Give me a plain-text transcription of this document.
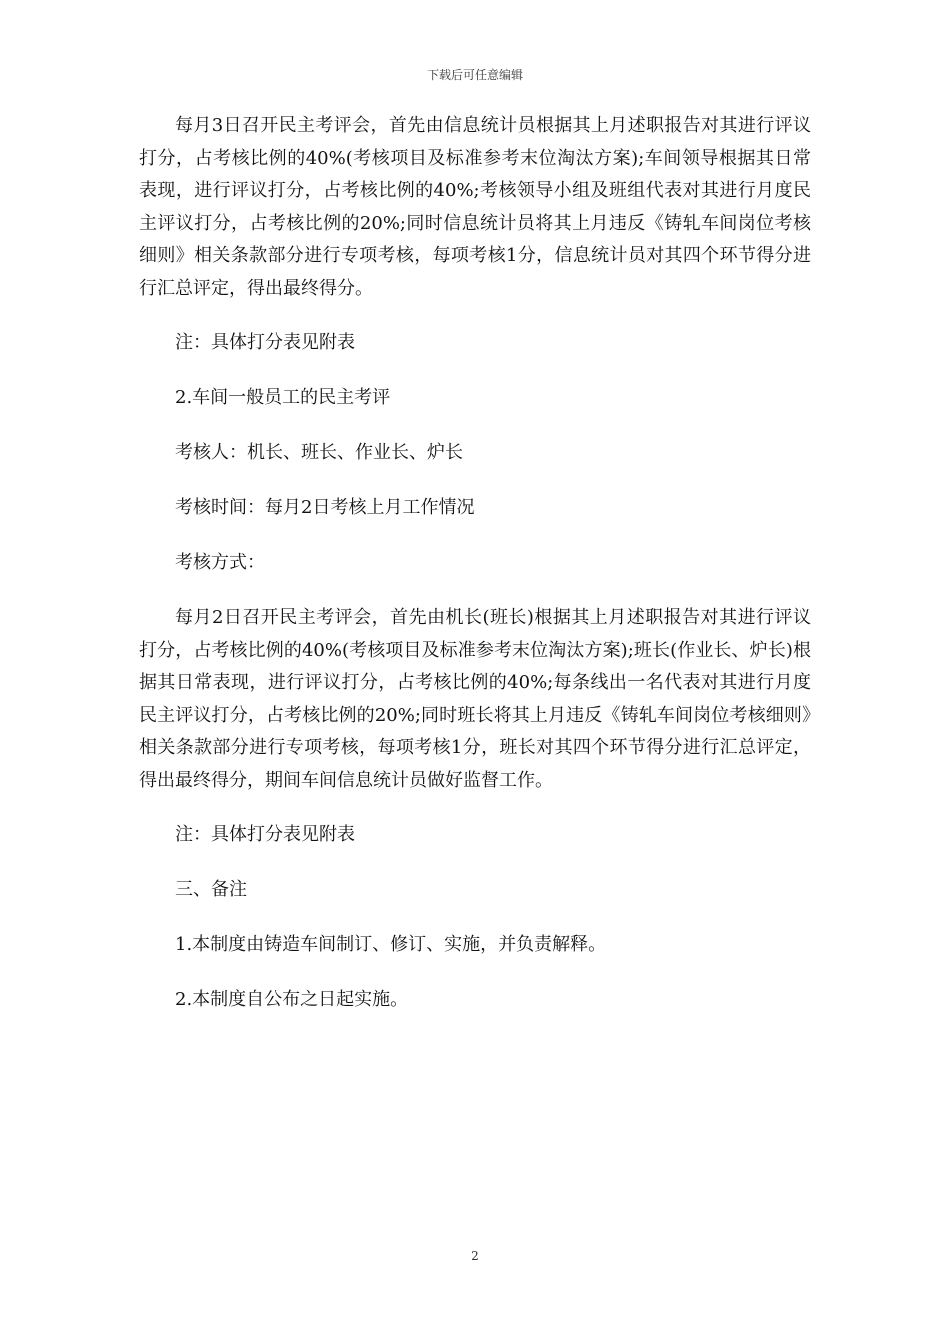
下载后可任意编辑

每月3日召开民主考评会，首先由信息统计员根据其上月述职报告对其进行评议打分，占考核比例的40%(考核项目及标准参考末位淘汰方案);车间领导根据其日常表现，进行评议打分，占考核比例的40%;考核领导小组及班组代表对其进行月度民主评议打分，占考核比例的20%;同时信息统计员将其上月违反《铸轧车间岗位考核细则》相关条款部分进行专项考核，每项考核1分，信息统计员对其四个环节得分进行汇总评定，得出最终得分。

注：具体打分表见附表

2.车间一般员工的民主考评

考核人：机长、班长、作业长、炉长

考核时间：每月2日考核上月工作情况

考核方式：

每月2日召开民主考评会，首先由机长(班长)根据其上月述职报告对其进行评议打分，占考核比例的40%(考核项目及标准参考末位淘汰方案);班长(作业长、炉长)根据其日常表现，进行评议打分，占考核比例的40%;每条线出一名代表对其进行月度民主评议打分，占考核比例的20%;同时班长将其上月违反《铸轧车间岗位考核细则》相关条款部分进行专项考核，每项考核1分，班长对其四个环节得分进行汇总评定，得出最终得分，期间车间信息统计员做好监督工作。

注：具体打分表见附表

三、备注

1.本制度由铸造车间制订、修订、实施，并负责解释。

2.本制度自公布之日起实施。

2
